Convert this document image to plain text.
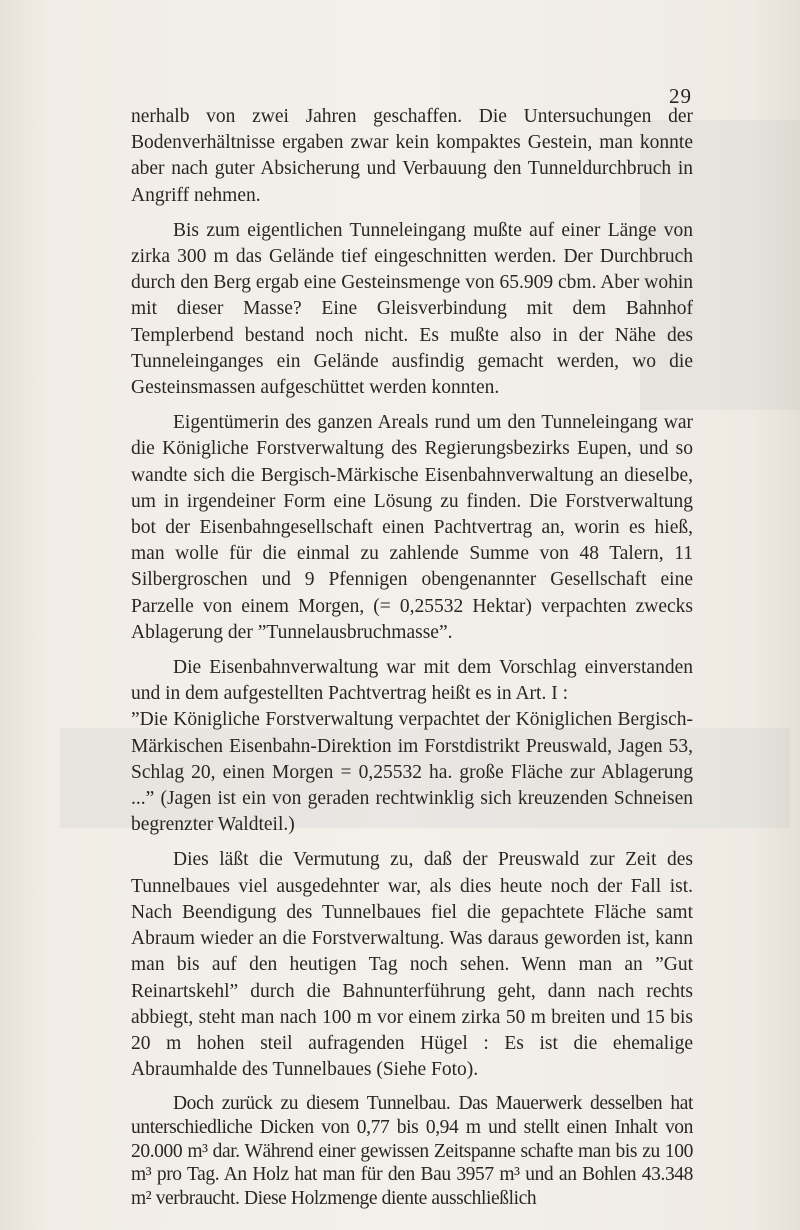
29

nerhalb von zwei Jahren geschaffen. Die Untersuchungen der Bodenverhältnisse ergaben zwar kein kompaktes Gestein, man konnte aber nach guter Absicherung und Verbauung den Tunneldurchbruch in Angriff nehmen.

Bis zum eigentlichen Tunneleingang mußte auf einer Länge von zirka 300 m das Gelände tief eingeschnitten werden. Der Durchbruch durch den Berg ergab eine Gesteinsmenge von 65.909 cbm. Aber wohin mit dieser Masse? Eine Gleisverbindung mit dem Bahnhof Templerbend bestand noch nicht. Es mußte also in der Nähe des Tunneleinganges ein Gelände ausfindig gemacht werden, wo die Gesteinsmassen aufgeschüttet werden konnten.

Eigentümerin des ganzen Areals rund um den Tunneleingang war die Königliche Forstverwaltung des Regierungsbezirks Eupen, und so wandte sich die Bergisch-Märkische Eisenbahnverwaltung an dieselbe, um in irgendeiner Form eine Lösung zu finden. Die Forstverwaltung bot der Eisenbahngesellschaft einen Pachtvertrag an, worin es hieß, man wolle für die einmal zu zahlende Summe von 48 Talern, 11 Silbergroschen und 9 Pfennigen obengenannter Gesellschaft eine Parzelle von einem Morgen, (= 0,25532 Hektar) verpachten zwecks Ablagerung der ”Tunnelausbruchmasse”.

Die Eisenbahnverwaltung war mit dem Vorschlag einverstanden und in dem aufgestellten Pachtvertrag heißt es in Art. I :

”Die Königliche Forstverwaltung verpachtet der Königlichen Bergisch-Märkischen Eisenbahn-Direktion im Forstdistrikt Preuswald, Jagen 53, Schlag 20, einen Morgen = 0,25532 ha. große Fläche zur Ablagerung ...” (Jagen ist ein von geraden rechtwinklig sich kreuzenden Schneisen begrenzter Waldteil.)

Dies läßt die Vermutung zu, daß der Preuswald zur Zeit des Tunnelbaues viel ausgedehnter war, als dies heute noch der Fall ist. Nach Beendigung des Tunnelbaues fiel die gepachtete Fläche samt Abraum wieder an die Forstverwaltung. Was daraus geworden ist, kann man bis auf den heutigen Tag noch sehen. Wenn man an ”Gut Reinartskehl” durch die Bahnunterführung geht, dann nach rechts abbiegt, steht man nach 100 m vor einem zirka 50 m breiten und 15 bis 20 m hohen steil aufragenden Hügel : Es ist die ehemalige Abraumhalde des Tunnelbaues (Siehe Foto).

Doch zurück zu diesem Tunnelbau. Das Mauerwerk desselben hat unterschiedliche Dicken von 0,77 bis 0,94 m und stellt einen Inhalt von 20.000 m³ dar. Während einer gewissen Zeitspanne schafte man bis zu 100 m³ pro Tag. An Holz hat man für den Bau 3957 m³ und an Bohlen 43.348 m² verbraucht. Diese Holzmenge diente ausschließlich
